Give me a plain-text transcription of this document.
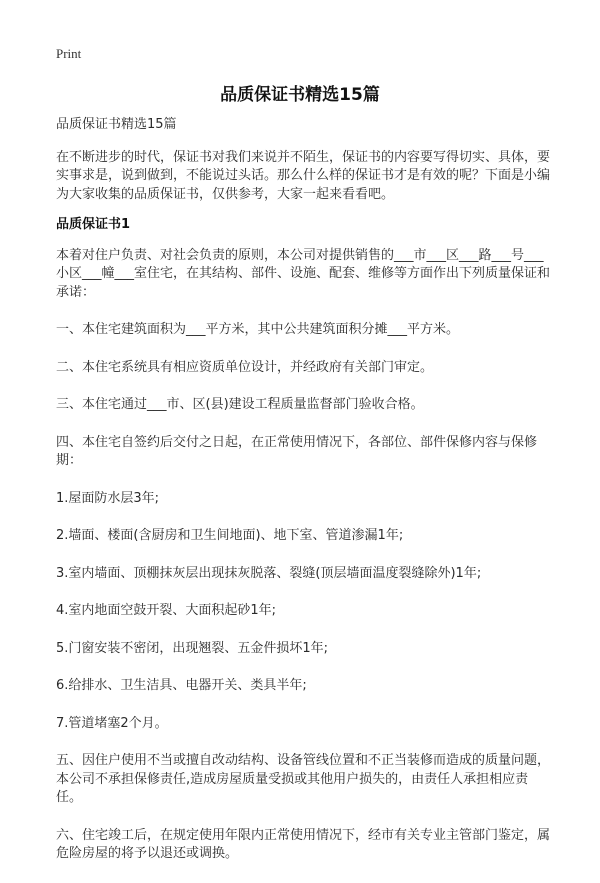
Print
品质保证书精选15篇

品质保证书精选15篇

在不断进步的时代，保证书对我们来说并不陌生，保证书的内容要写得切实、具体，要实事求是，说到做到，不能说过头话。那么什么样的保证书才是有效的呢？下面是小编为大家收集的品质保证书，仅供参考，大家一起来看看吧。

品质保证书1

本着对住户负责、对社会负责的原则，本公司对提供销售的___市___区___路___号___小区___幢___室住宅，在其结构、部件、设施、配套、维修等方面作出下列质量保证和承诺：

一、本住宅建筑面积为___平方米，其中公共建筑面积分摊___平方米。

二、本住宅系统具有相应资质单位设计，并经政府有关部门审定。

三、本住宅通过___市、区(县)建设工程质量监督部门验收合格。

四、本住宅自签约后交付之日起，在正常使用情况下，各部位、部件保修内容与保修期：

1.屋面防水层3年;

2.墙面、楼面(含厨房和卫生间地面)、地下室、管道渗漏1年;

3.室内墙面、顶棚抹灰层出现抹灰脱落、裂缝(顶层墙面温度裂缝除外)1年;

4.室内地面空鼓开裂、大面积起砂1年;

5.门窗安装不密闭，出现翘裂、五金件损坏1年;

6.给排水、卫生洁具、电器开关、类具半年;

7.管道堵塞2个月。

五、因住户使用不当或擅自改动结构、设备管线位置和不正当装修而造成的质量问题，本公司不承担保修责任,造成房屋质量受损或其他用户损失的，由责任人承担相应责任。

六、住宅竣工后，在规定使用年限内正常使用情况下，经市有关专业主管部门鉴定，属危险房屋的将予以退还或调换。
